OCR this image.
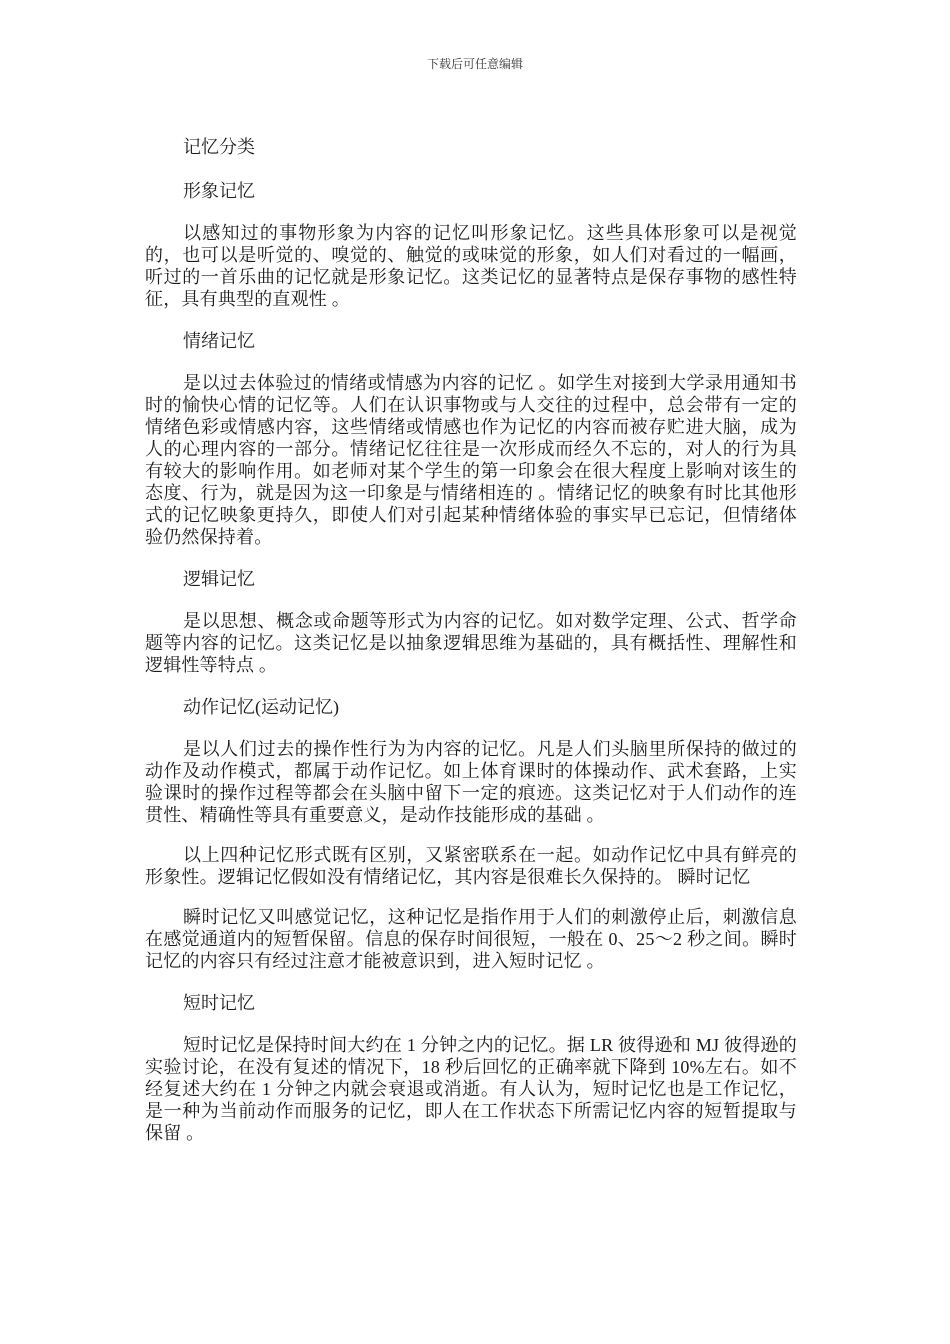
下载后可任意编辑

记忆分类

形象记忆

以感知过的事物形象为内容的记忆叫形象记忆。这些具体形象可以是视觉的，也可以是听觉的、嗅觉的、触觉的或味觉的形象，如人们对看过的一幅画，听过的一首乐曲的记忆就是形象记忆。这类记忆的显著特点是保存事物的感性特征，具有典型的直观性 。

情绪记忆

是以过去体验过的情绪或情感为内容的记忆 。如学生对接到大学录用通知书时的愉快心情的记忆等。人们在认识事物或与人交往的过程中，总会带有一定的情绪色彩或情感内容，这些情绪或情感也作为记忆的内容而被存贮进大脑，成为人的心理内容的一部分。情绪记忆往往是一次形成而经久不忘的，对人的行为具有较大的影响作用。如老师对某个学生的第一印象会在很大程度上影响对该生的态度、行为，就是因为这一印象是与情绪相连的 。情绪记忆的映象有时比其他形式的记忆映象更持久，即使人们对引起某种情绪体验的事实早已忘记，但情绪体验仍然保持着。

逻辑记忆

是以思想、概念或命题等形式为内容的记忆。如对数学定理、公式、哲学命题等内容的记忆。这类记忆是以抽象逻辑思维为基础的，具有概括性、理解性和逻辑性等特点 。

动作记忆(运动记忆)

是以人们过去的操作性行为为内容的记忆。凡是人们头脑里所保持的做过的动作及动作模式，都属于动作记忆。如上体育课时的体操动作、武术套路，上实验课时的操作过程等都会在头脑中留下一定的痕迹。这类记忆对于人们动作的连贯性、精确性等具有重要意义，是动作技能形成的基础 。

以上四种记忆形式既有区别，又紧密联系在一起。如动作记忆中具有鲜亮的形象性。逻辑记忆假如没有情绪记忆，其内容是很难长久保持的。 瞬时记忆

瞬时记忆又叫感觉记忆，这种记忆是指作用于人们的刺激停止后，刺激信息在感觉通道内的短暂保留。信息的保存时间很短，一般在 0、25～2 秒之间。瞬时记忆的内容只有经过注意才能被意识到，进入短时记忆 。

短时记忆

短时记忆是保持时间大约在 1 分钟之内的记忆。据 LR 彼得逊和 MJ 彼得逊的实验讨论，在没有复述的情况下，18 秒后回忆的正确率就下降到 10%左右。如不经复述大约在 1 分钟之内就会衰退或消逝。有人认为，短时记忆也是工作记忆，是一种为当前动作而服务的记忆，即人在工作状态下所需记忆内容的短暂提取与保留 。
